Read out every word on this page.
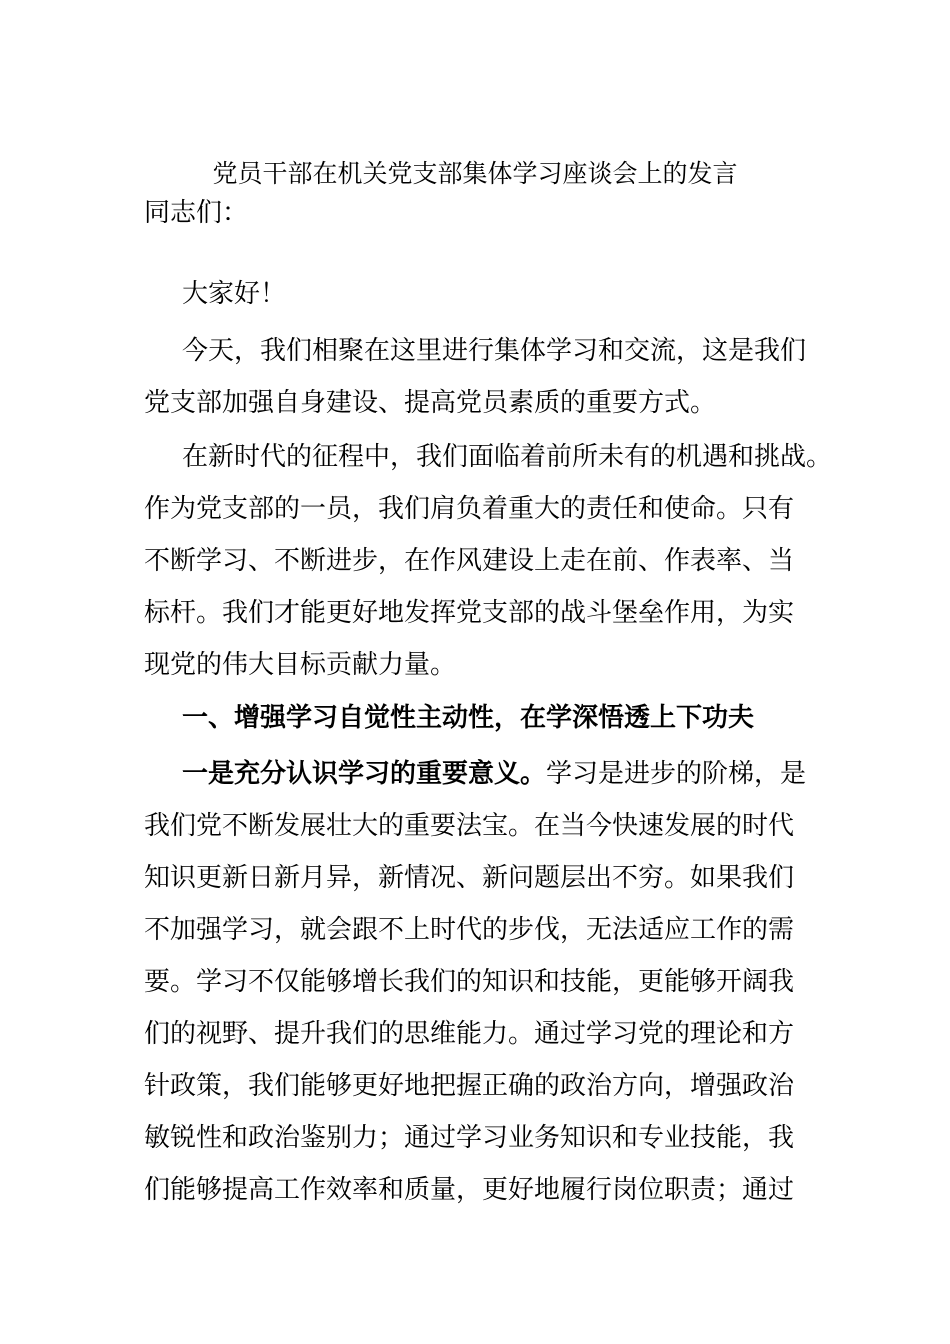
党员干部在机关党支部集体学习座谈会上的发言
同志们：
大家好！
今天，我们相聚在这里进行集体学习和交流，这是我们
党支部加强自身建设、提高党员素质的重要方式。
在新时代的征程中，我们面临着前所未有的机遇和挑战。
作为党支部的一员，我们肩负着重大的责任和使命。只有
不断学习、不断进步，在作风建设上走在前、作表率、当
标杆。我们才能更好地发挥党支部的战斗堡垒作用，为实
现党的伟大目标贡献力量。
一、增强学习自觉性主动性，在学深悟透上下功夫
一是充分认识学习的重要意义。学习是进步的阶梯，是
我们党不断发展壮大的重要法宝。在当今快速发展的时代
知识更新日新月异，新情况、新问题层出不穷。如果我们
不加强学习，就会跟不上时代的步伐，无法适应工作的需
要。学习不仅能够增长我们的知识和技能，更能够开阔我
们的视野、提升我们的思维能力。通过学习党的理论和方
针政策，我们能够更好地把握正确的政治方向，增强政治
敏锐性和政治鉴别力；通过学习业务知识和专业技能，我
们能够提高工作效率和质量，更好地履行岗位职责；通过
